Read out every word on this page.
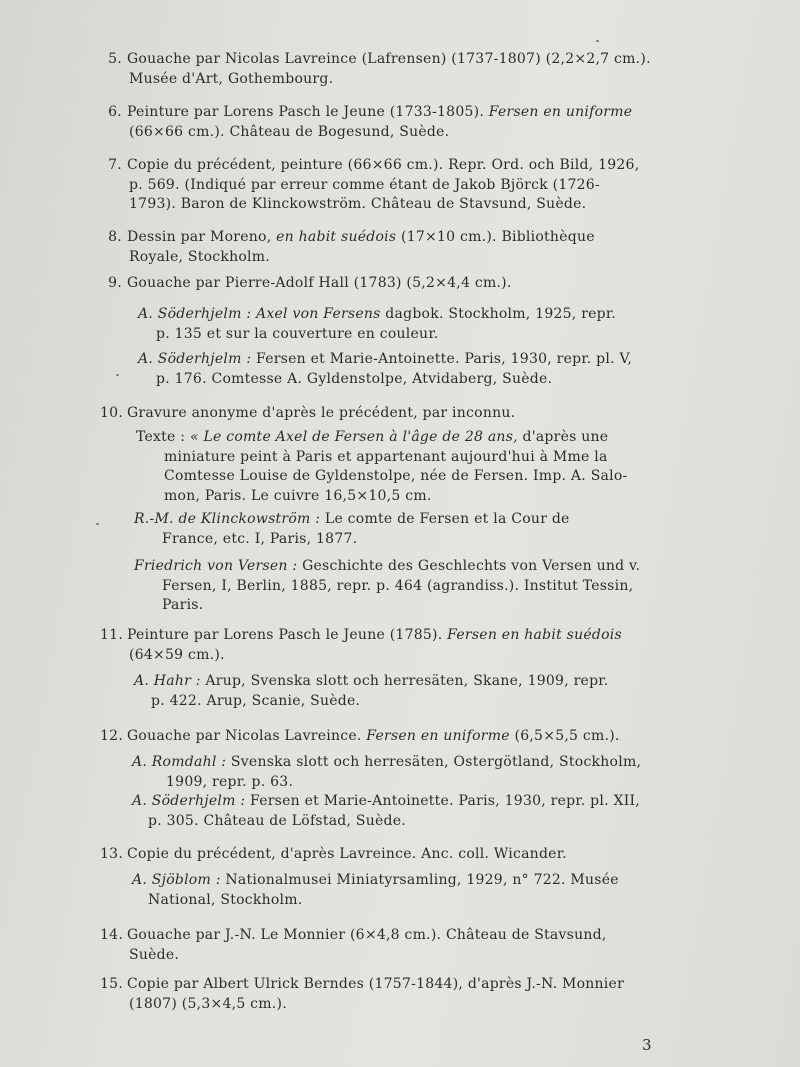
5. Gouache par Nicolas Lavreince (Lafrensen) (1737-1807) (2,2×2,7 cm.).
Musée d'Art, Gothembourg.
6. Peinture par Lorens Pasch le Jeune (1733-1805). Fersen en uniforme
(66×66 cm.). Château de Bogesund, Suède.
7. Copie du précédent, peinture (66×66 cm.). Repr. Ord. och Bild, 1926,
p. 569. (Indiqué par erreur comme étant de Jakob Björck (1726-
1793). Baron de Klinckowström. Château de Stavsund, Suède.
8. Dessin par Moreno, en habit suédois (17×10 cm.). Bibliothèque
Royale, Stockholm.
9. Gouache par Pierre-Adolf Hall (1783) (5,2×4,4 cm.).
A. Söderhjelm : Axel von Fersens dagbok. Stockholm, 1925, repr.
p. 135 et sur la couverture en couleur.
A. Söderhjelm : Fersen et Marie-Antoinette. Paris, 1930, repr. pl. V,
p. 176. Comtesse A. Gyldenstolpe, Atvidaberg, Suède.
10. Gravure anonyme d'après le précédent, par inconnu.
Texte : « Le comte Axel de Fersen à l'âge de 28 ans, d'après une
miniature peint à Paris et appartenant aujourd'hui à Mme la
Comtesse Louise de Gyldenstolpe, née de Fersen. Imp. A. Salo-
mon, Paris. Le cuivre 16,5×10,5 cm.
R.-M. de Klinckowström : Le comte de Fersen et la Cour de
France, etc. I, Paris, 1877.
Friedrich von Versen : Geschichte des Geschlechts von Versen und v.
Fersen, I, Berlin, 1885, repr. p. 464 (agrandiss.). Institut Tessin,
Paris.
11. Peinture par Lorens Pasch le Jeune (1785). Fersen en habit suédois
(64×59 cm.).
A. Hahr : Arup, Svenska slott och herresäten, Skane, 1909, repr.
p. 422. Arup, Scanie, Suède.
12. Gouache par Nicolas Lavreince. Fersen en uniforme (6,5×5,5 cm.).
A. Romdahl : Svenska slott och herresäten, Ostergötland, Stockholm,
1909, repr. p. 63.
A. Söderhjelm : Fersen et Marie-Antoinette. Paris, 1930, repr. pl. XII,
p. 305. Château de Löfstad, Suède.
13. Copie du précédent, d'après Lavreince. Anc. coll. Wicander.
A. Sjöblom : Nationalmusei Miniatyrsamling, 1929, n° 722. Musée
National, Stockholm.
14. Gouache par J.-N. Le Monnier (6×4,8 cm.). Château de Stavsund,
Suède.
15. Copie par Albert Ulrick Berndes (1757-1844), d'après J.-N. Monnier
(1807) (5,3×4,5 cm.).
3
